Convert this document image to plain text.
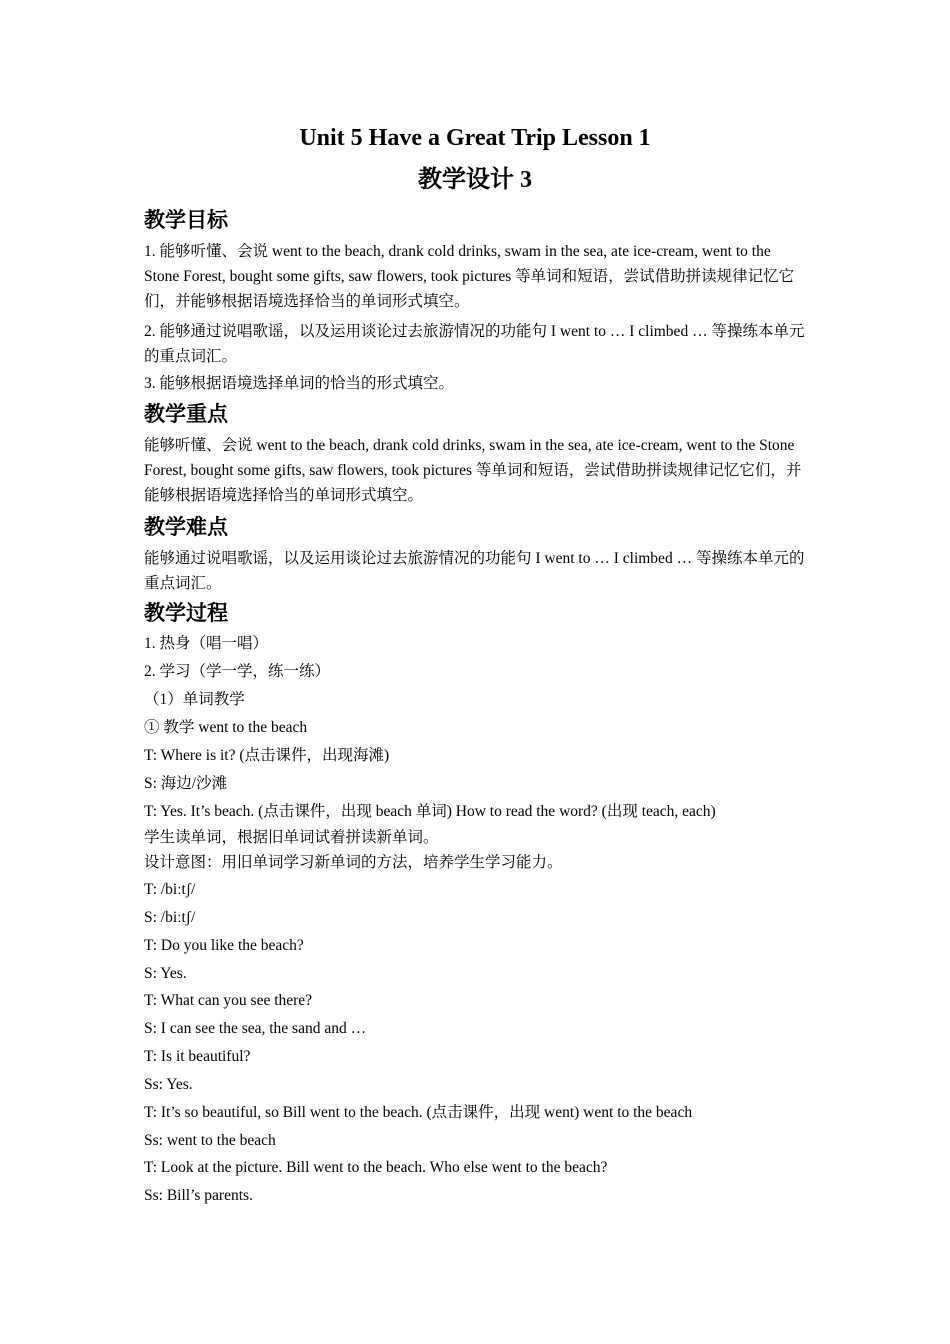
Unit 5 Have a Great Trip Lesson 1
教学设计 3
教学目标

1. 能够听懂、会说 went to the beach, drank cold drinks, swam in the sea, ate ice-cream, went to the Stone Forest, bought some gifts, saw flowers, took pictures 等单词和短语，尝试借助拼读规律记忆它们，并能够根据语境选择恰当的单词形式填空。

2. 能够通过说唱歌谣，以及运用谈论过去旅游情况的功能句 I went to … I climbed … 等操练本单元的重点词汇。

3. 能够根据语境选择单词的恰当的形式填空。

教学重点

能够听懂、会说 went to the beach, drank cold drinks, swam in the sea, ate ice-cream, went to the Stone Forest, bought some gifts, saw flowers, took pictures 等单词和短语，尝试借助拼读规律记忆它们，并能够根据语境选择恰当的单词形式填空。

教学难点

能够通过说唱歌谣，以及运用谈论过去旅游情况的功能句 I went to … I climbed … 等操练本单元的重点词汇。

教学过程

1. 热身（唱一唱）

2. 学习（学一学，练一练）

（1）单词教学

① 教学 went to the beach

T: Where is it? (点击课件，出现海滩)

S: 海边/沙滩

T: Yes. It’s beach. (点击课件，出现 beach 单词) How to read the word? (出现 teach, each)

学生读单词，根据旧单词试着拼读新单词。

设计意图：用旧单词学习新单词的方法，培养学生学习能力。

T: /biːtʃ/

S: /biːtʃ/

T: Do you like the beach?

S: Yes.

T: What can you see there?

S: I can see the sea, the sand and …

T: Is it beautiful?

Ss: Yes.

T: It’s so beautiful, so Bill went to the beach. (点击课件，出现 went) went to the beach

Ss: went to the beach

T: Look at the picture. Bill went to the beach. Who else went to the beach?

Ss: Bill’s parents.
